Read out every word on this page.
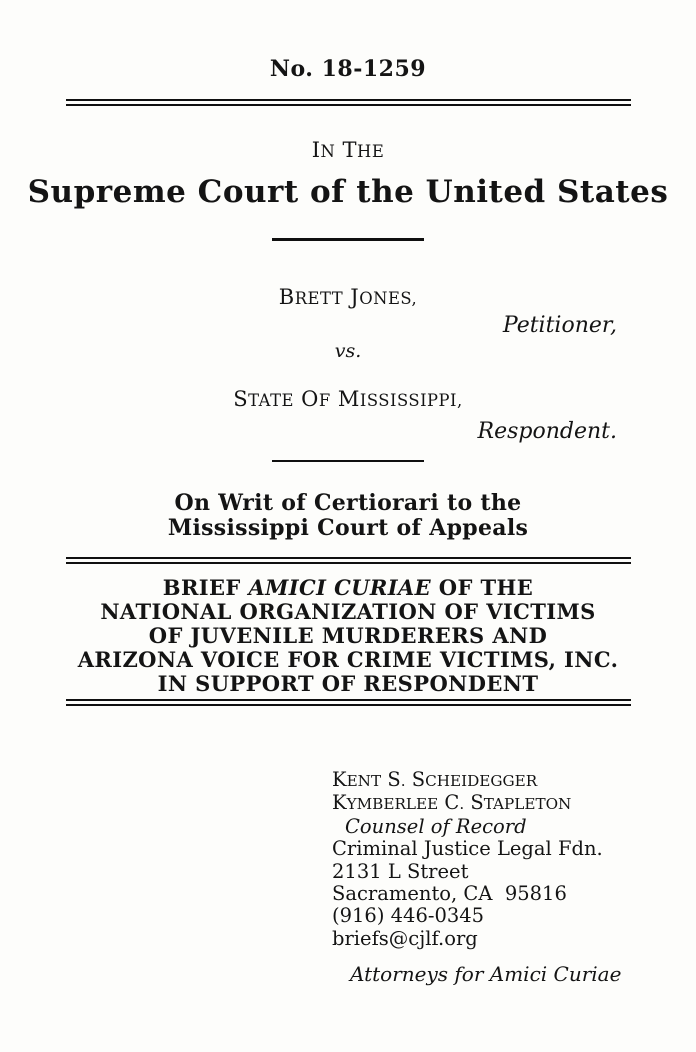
No. 18-1259
IN THE
Supreme Court of the United States
BRETT JONES,
Petitioner,
vs.
STATE OF MISSISSIPPI,
Respondent.
On Writ of Certiorari to the
Mississippi Court of Appeals
BRIEF AMICI CURIAE OF THE
NATIONAL ORGANIZATION OF VICTIMS
OF JUVENILE MURDERERS AND
ARIZONA VOICE FOR CRIME VICTIMS, INC.
IN SUPPORT OF RESPONDENT
KENT S. SCHEIDEGGER
KYMBERLEE C. STAPLETON
Counsel of Record
Criminal Justice Legal Fdn.
2131 L Street
Sacramento, CA  95816
(916) 446-0345
briefs@cjlf.org
Attorneys for Amici Curiae
